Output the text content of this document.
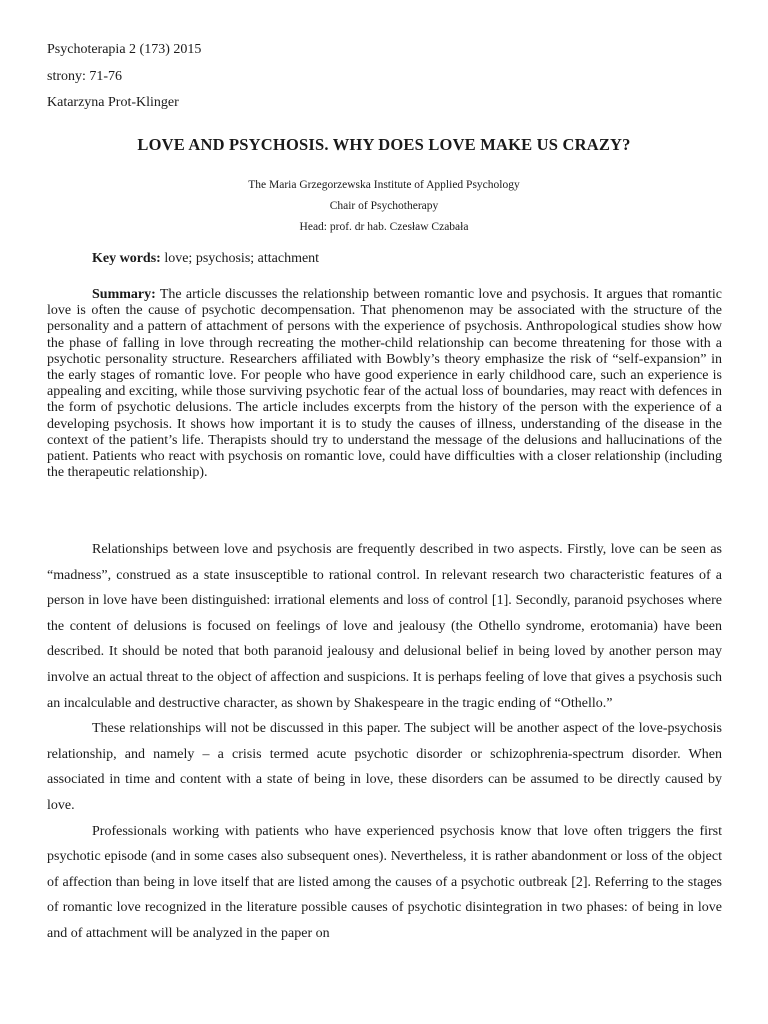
Psychoterapia 2 (173) 2015
strony: 71-76
Katarzyna Prot-Klinger
LOVE AND PSYCHOSIS. WHY DOES LOVE MAKE US CRAZY?
The Maria Grzegorzewska Institute of Applied Psychology
Chair of Psychotherapy
Head: prof. dr hab. Czesław Czabała
Key words: love; psychosis; attachment

Summary: The article discusses the relationship between romantic love and psychosis. It argues that romantic love is often the cause of psychotic decompensation. That phenomenon may be associated with the structure of the personality and a pattern of attachment of persons with the experience of psychosis. Anthropological studies show how the phase of falling in love through recreating the mother-child relationship can become threatening for those with a psychotic personality structure. Researchers affiliated with Bowbly’s theory emphasize the risk of “self-expansion” in the early stages of romantic love. For people who have good experience in early childhood care, such an experience is appealing and exciting, while those surviving psychotic fear of the actual loss of boundaries, may react with defences in the form of psychotic delusions. The article includes excerpts from the history of the person with the experience of a developing psychosis. It shows how important it is to study the causes of illness, understanding of the disease in the context of the patient’s life. Therapists should try to understand the message of the delusions and hallucinations of the patient. Patients who react with psychosis on romantic love, could have difficulties with a closer relationship (including the therapeutic relationship).

Relationships between love and psychosis are frequently described in two aspects. Firstly, love can be seen as “madness”, construed as a state insusceptible to rational control. In relevant research two characteristic features of a person in love have been distinguished: irrational elements and loss of control [1]. Secondly, paranoid psychoses where the content of delusions is focused on feelings of love and jealousy (the Othello syndrome, erotomania) have been described. It should be noted that both paranoid jealousy and delusional belief in being loved by another person may involve an actual threat to the object of affection and suspicions. It is perhaps feeling of love that gives a psychosis such an incalculable and destructive character, as shown by Shakespeare in the tragic ending of “Othello.”

These relationships will not be discussed in this paper. The subject will be another aspect of the love-psychosis relationship, and namely – a crisis termed acute psychotic disorder or schizophrenia-spectrum disorder. When associated in time and content with a state of being in love, these disorders can be assumed to be directly caused by love.

Professionals working with patients who have experienced psychosis know that love often triggers the first psychotic episode (and in some cases also subsequent ones). Nevertheless, it is rather abandonment or loss of the object of affection than being in love itself that are listed among the causes of a psychotic outbreak [2]. Referring to the stages of romantic love recognized in the literature possible causes of psychotic disintegration in two phases: of being in love and of attachment will be analyzed in the paper on
